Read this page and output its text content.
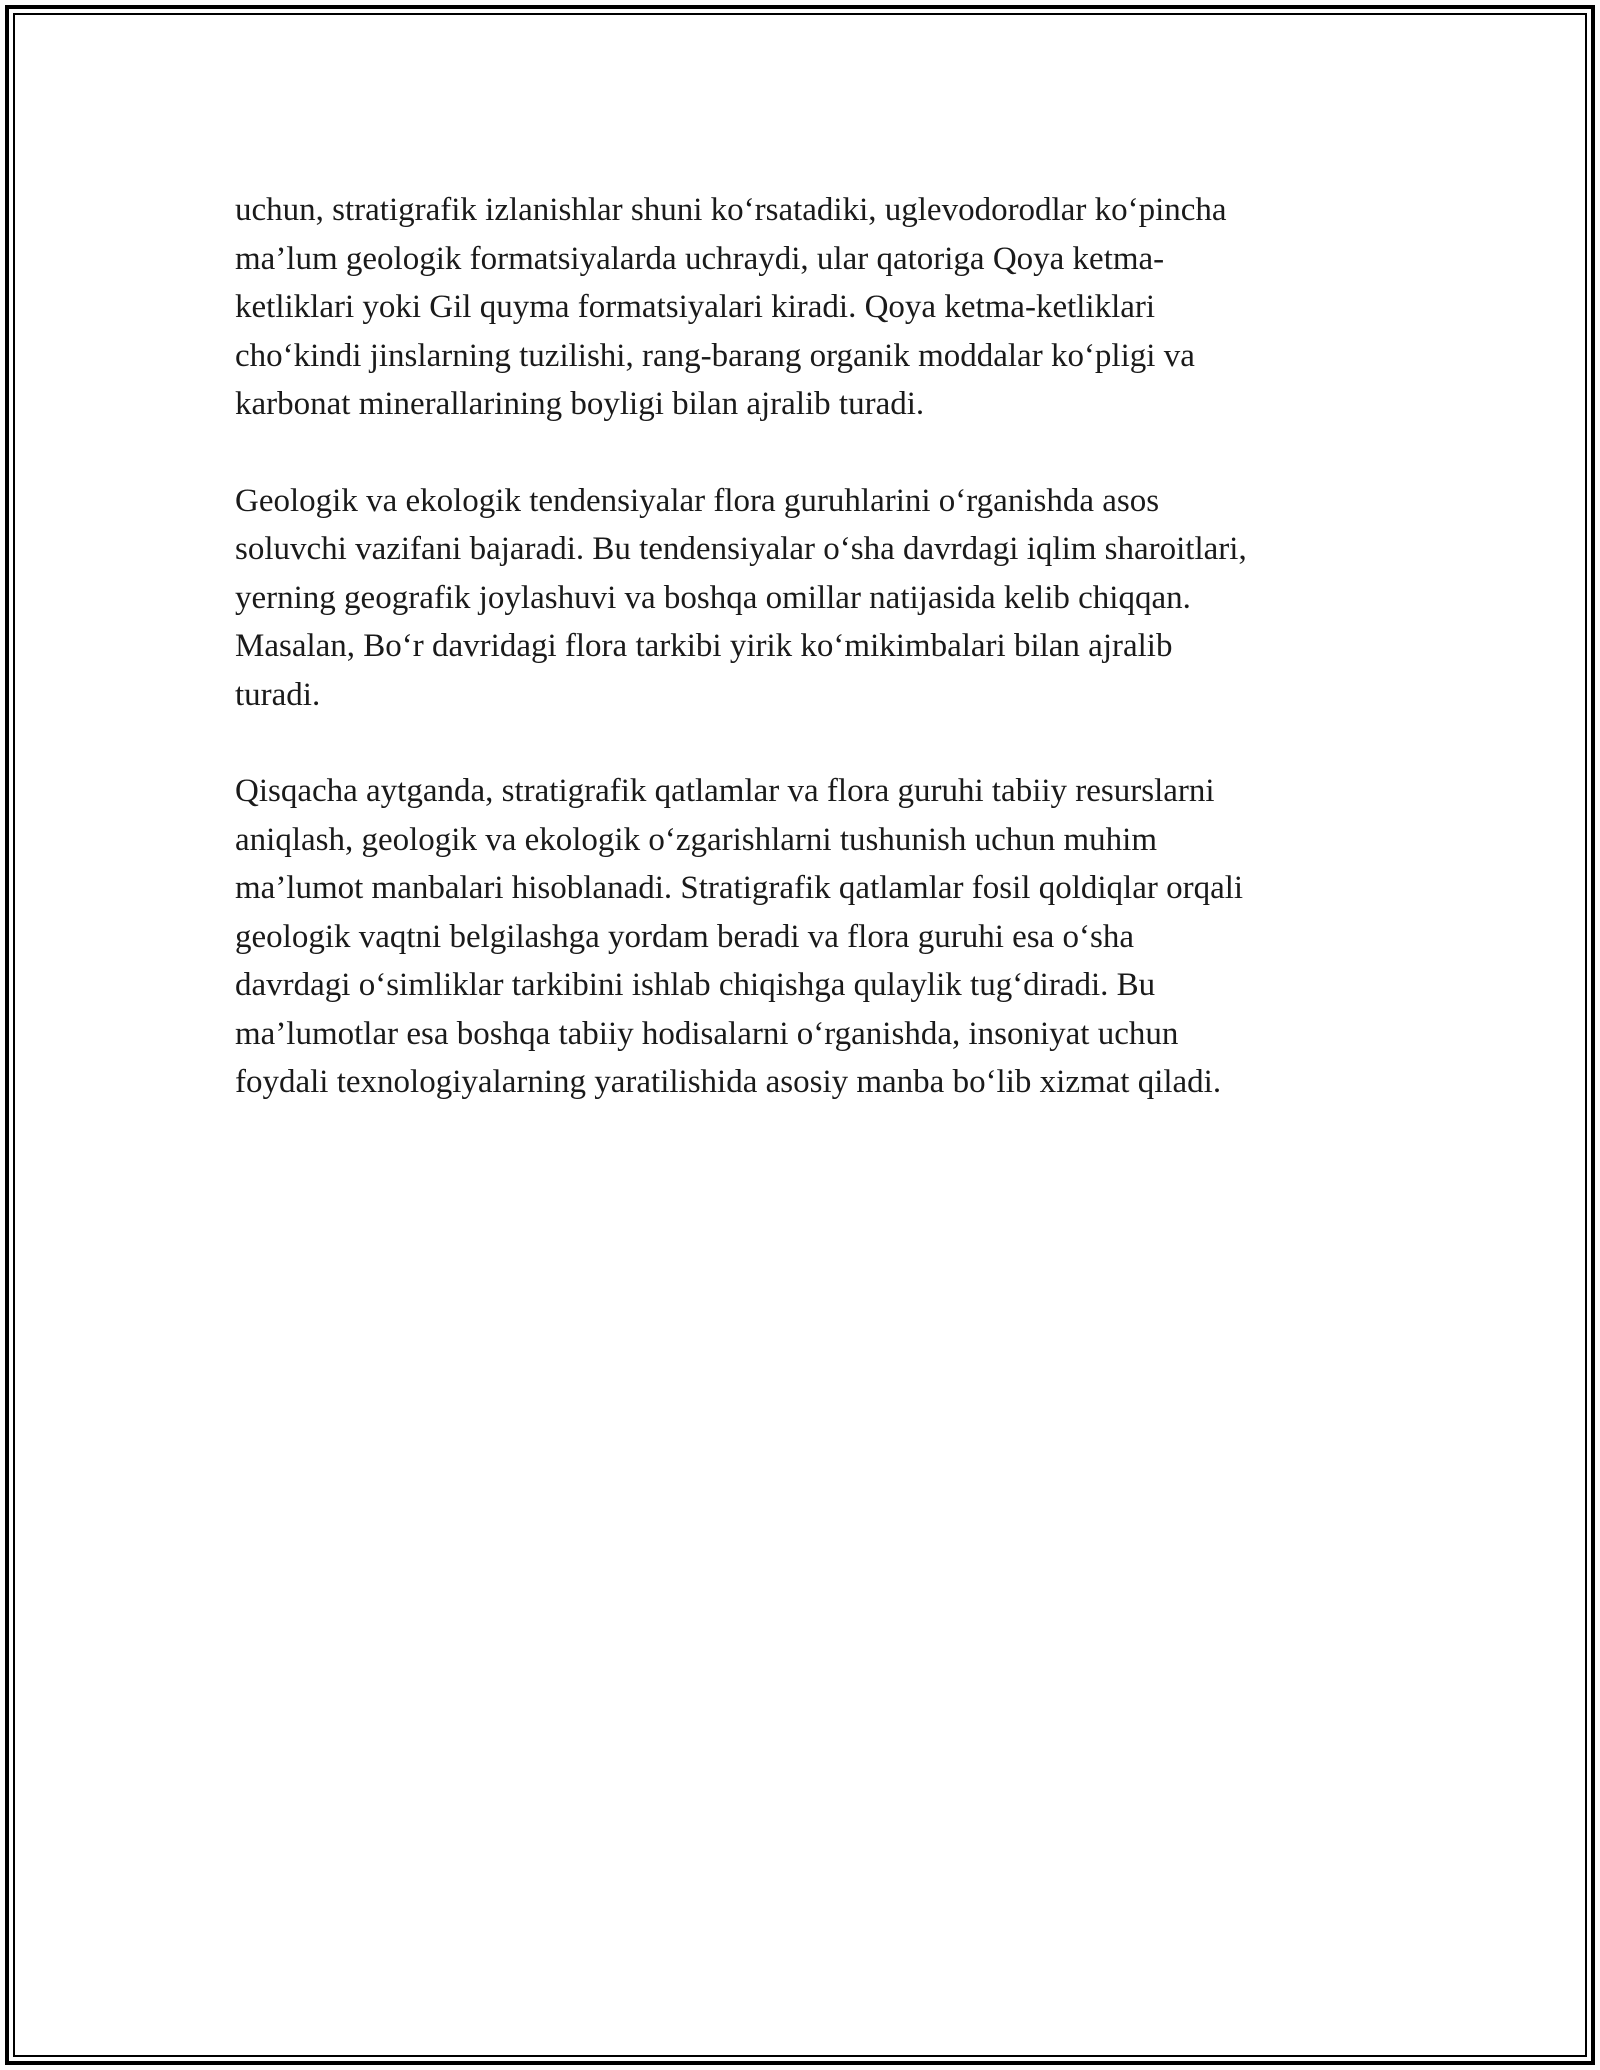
uchun, stratigrafik izlanishlar shuni ko‘rsatadiki, uglevodorodlar ko‘pincha
ma’lum geologik formatsiyalarda uchraydi, ular qatoriga Qoya ketma-
ketliklari yoki Gil quyma formatsiyalari kiradi. Qoya ketma-ketliklari
cho‘kindi jinslarning tuzilishi, rang-barang organik moddalar ko‘pligi va
karbonat minerallarining boyligi bilan ajralib turadi.

Geologik va ekologik tendensiyalar flora guruhlarini o‘rganishda asos
soluvchi vazifani bajaradi. Bu tendensiyalar o‘sha davrdagi iqlim sharoitlari,
yerning geografik joylashuvi va boshqa omillar natijasida kelib chiqqan.
Masalan, Bo‘r davridagi flora tarkibi yirik ko‘mikimbalari bilan ajralib
turadi.

Qisqacha aytganda, stratigrafik qatlamlar va flora guruhi tabiiy resurslarni
aniqlash, geologik va ekologik o‘zgarishlarni tushunish uchun muhim
ma’lumot manbalari hisoblanadi. Stratigrafik qatlamlar fosil qoldiqlar orqali
geologik vaqtni belgilashga yordam beradi va flora guruhi esa o‘sha
davrdagi o‘simliklar tarkibini ishlab chiqishga qulaylik tug‘diradi. Bu
ma’lumotlar esa boshqa tabiiy hodisalarni o‘rganishda, insoniyat uchun
foydali texnologiyalarning yaratilishida asosiy manba bo‘lib xizmat qiladi.
